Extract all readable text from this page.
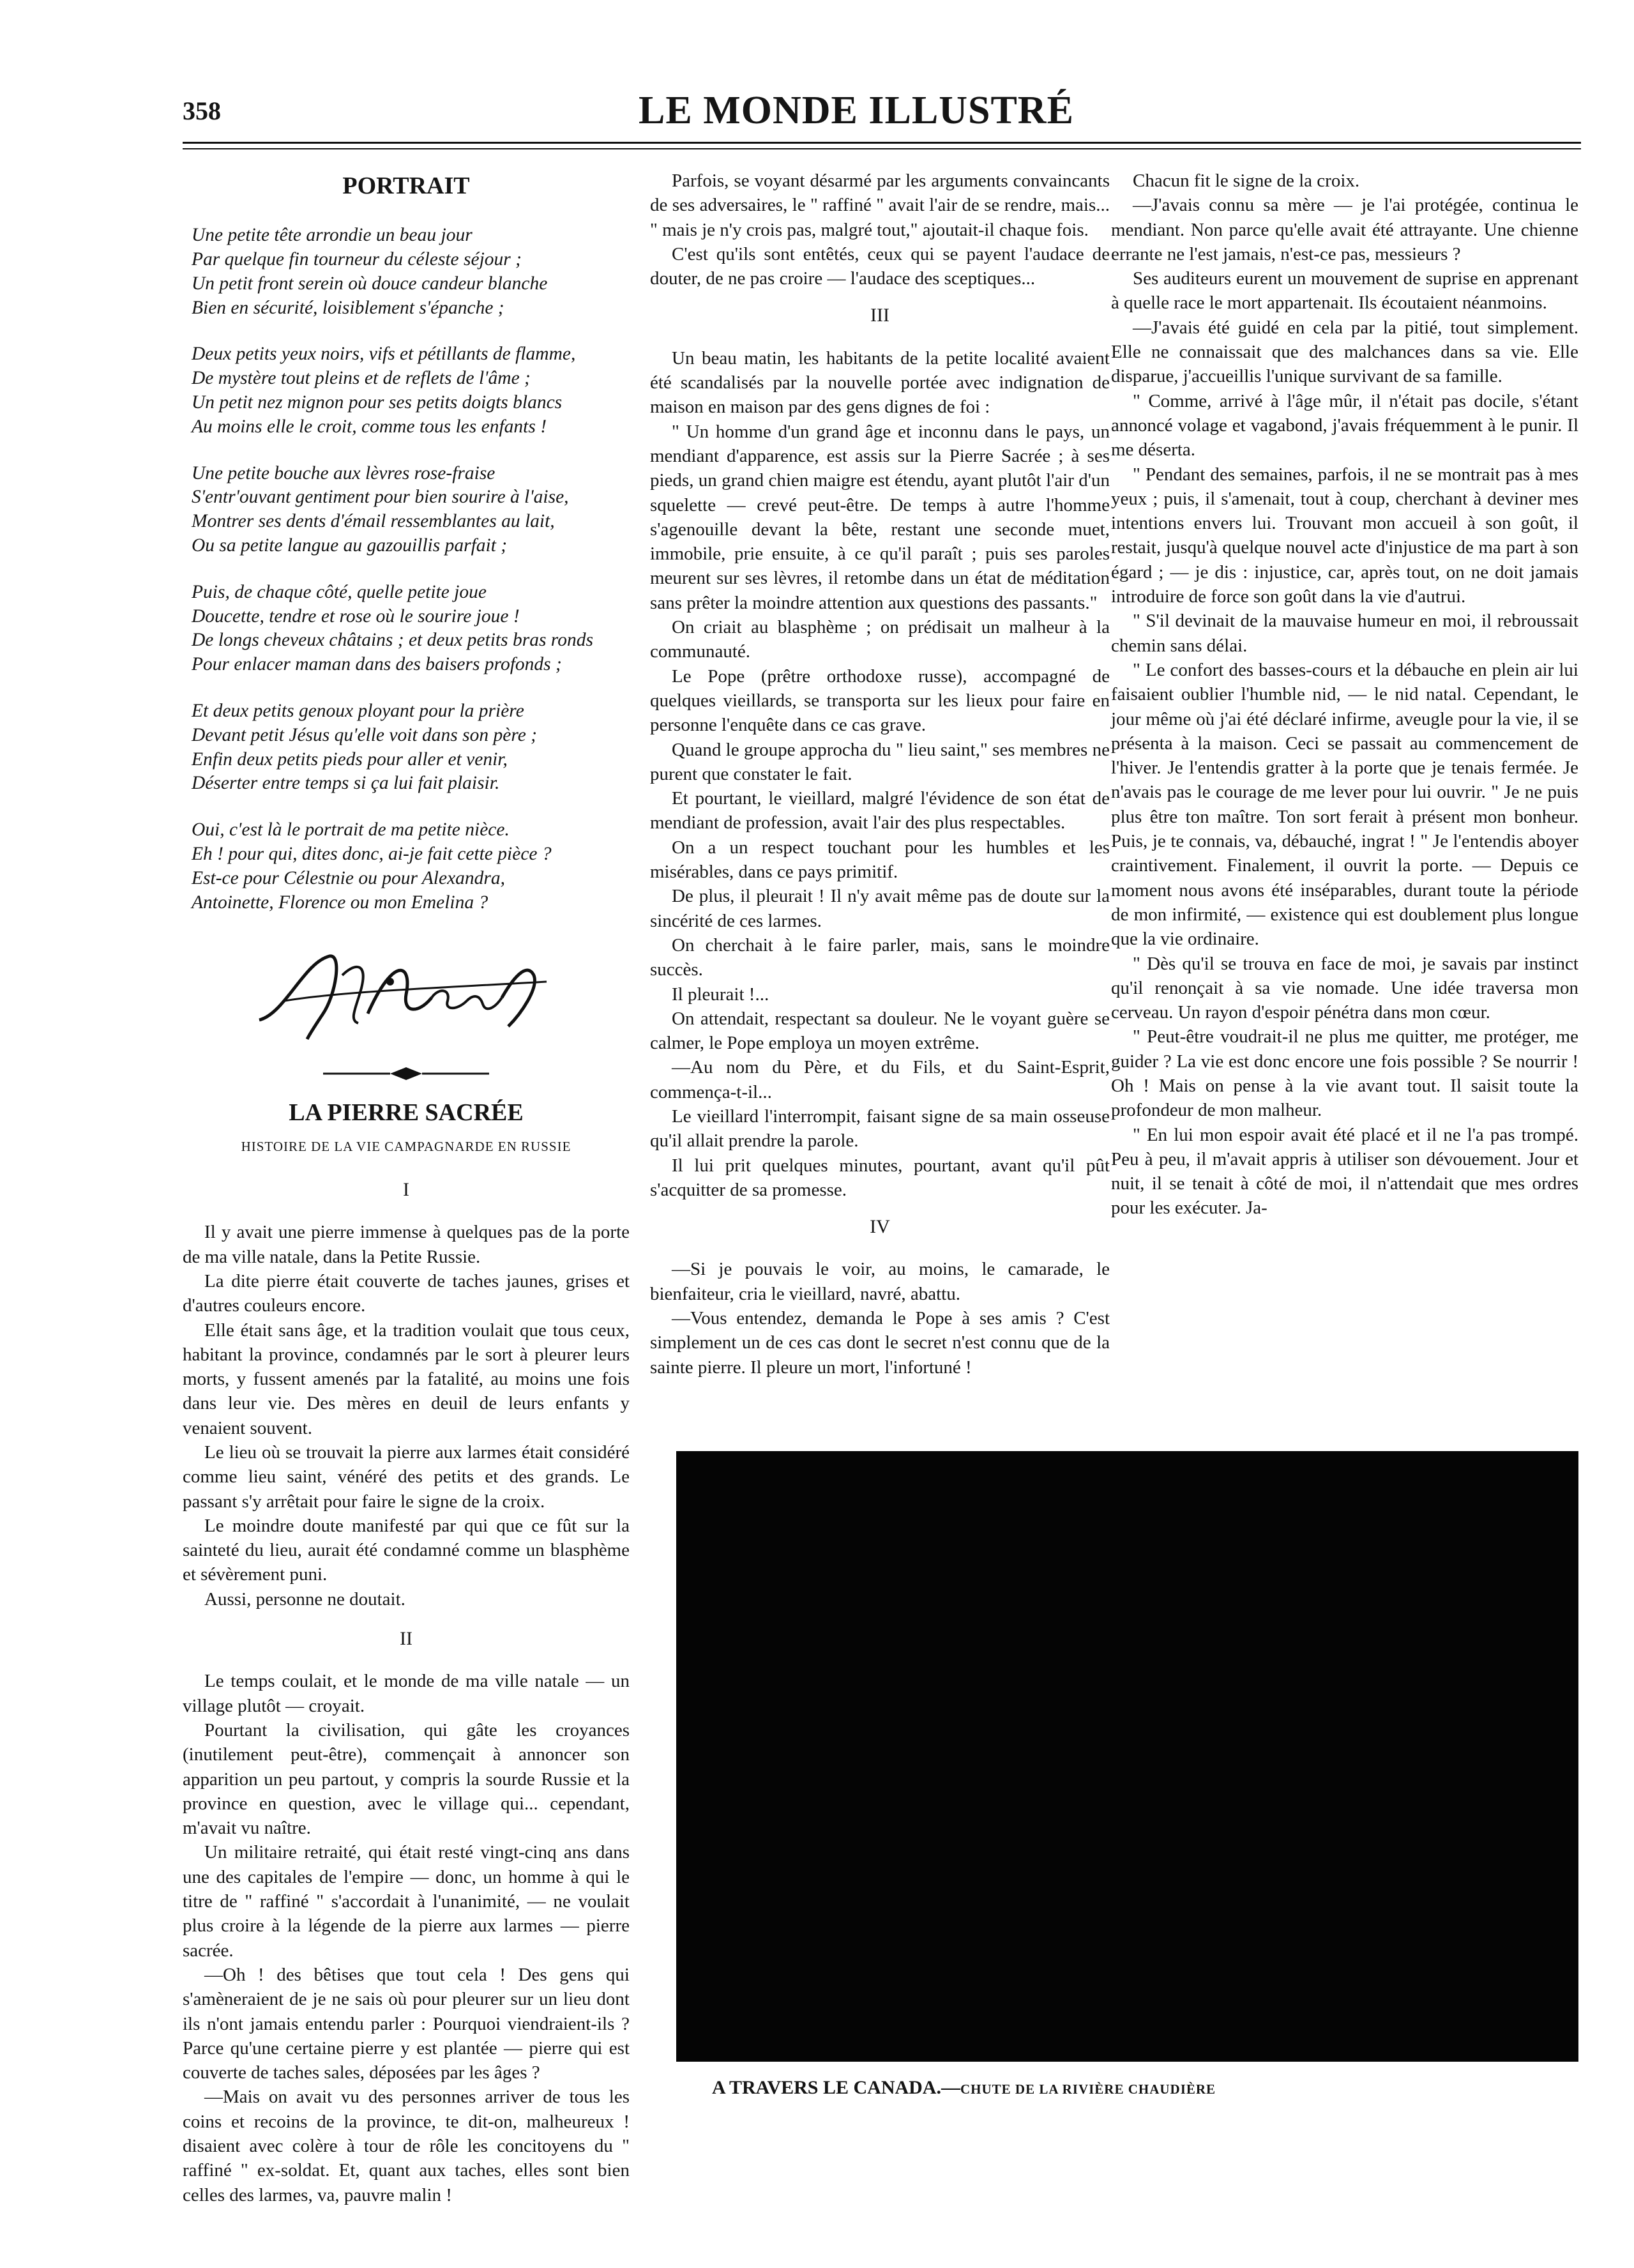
358	LE MONDE ILLUSTRÉ
PORTRAIT
Une petite tête arrondie un beau jour
Par quelque fin tourneur du céleste séjour ;
Un petit front serein où douce candeur blanche
Bien en sécurité, loisiblement s'épanche ;
Deux petits yeux noirs, vifs et pétillants de flamme,
De mystère tout pleins et de reflets de l'âme ;
Un petit nez mignon pour ses petits doigts blancs
Au moins elle le croit, comme tous les enfants !
Une petite bouche aux lèvres rose-fraise
S'entr'ouvant gentiment pour bien sourire à l'aise,
Montrer ses dents d'émail ressemblantes au lait,
Ou sa petite langue au gazouillis parfait ;
Puis, de chaque côté, quelle petite joue
Doucette, tendre et rose où le sourire joue !
De longs cheveux châtains ; et deux petits bras ronds
Pour enlacer maman dans des baisers profonds ;
Et deux petits genoux ployant pour la prière
Devant petit Jésus qu'elle voit dans son père ;
Enfin deux petits pieds pour aller et venir,
Déserter entre temps si ça lui fait plaisir.
Oui, c'est là le portrait de ma petite nièce.
Eh ! pour qui, dites donc, ai-je fait cette pièce ?
Est-ce pour Célestnie ou pour Alexandra,
Antoinette, Florence ou mon Emelina ?
LA PIERRE SACRÉE
HISTOIRE DE LA VIE CAMPAGNARDE EN RUSSIE
I

Il y avait une pierre immense à quelques pas de la porte de ma ville natale, dans la Petite Russie.

La dite pierre était couverte de taches jaunes, grises et d'autres couleurs encore.

Elle était sans âge, et la tradition voulait que tous ceux, habitant la province, condamnés par le sort à pleurer leurs morts, y fussent amenés par la fatalité, au moins une fois dans leur vie. Des mères en deuil de leurs enfants y venaient souvent.

Le lieu où se trouvait la pierre aux larmes était considéré comme lieu saint, vénéré des petits et des grands. Le passant s'y arrêtait pour faire le signe de la croix.

Le moindre doute manifesté par qui que ce fût sur la sainteté du lieu, aurait été condamné comme un blasphème et sévèrement puni.

Aussi, personne ne doutait.

II

Le temps coulait, et le monde de ma ville natale — un village plutôt — croyait.

Pourtant la civilisation, qui gâte les croyances (inutilement peut-être), commençait à annoncer son apparition un peu partout, y compris la sourde Russie et la province en question, avec le village qui... cependant, m'avait vu naître.

Un militaire retraité, qui était resté vingt-cinq ans dans une des capitales de l'empire — donc, un homme à qui le titre de " raffiné " s'accordait à l'unanimité, — ne voulait plus croire à la légende de la pierre aux larmes — pierre sacrée.

—Oh ! des bêtises que tout cela ! Des gens qui s'amèneraient de je ne sais où pour pleurer sur un lieu dont ils n'ont jamais entendu parler : Pourquoi viendraient-ils ? Parce qu'une certaine pierre y est plantée — pierre qui est couverte de taches sales, déposées par les âges ?

—Mais on avait vu des personnes arriver de tous les coins et recoins de la province, te dit-on, malheureux ! disaient avec colère à tour de rôle les concitoyens du " raffiné " ex-soldat. Et, quant aux taches, elles sont bien celles des larmes, va, pauvre malin !

Parfois, se voyant désarmé par les arguments convaincants de ses adversaires, le " raffiné " avait l'air de se rendre, mais... " mais je n'y crois pas, malgré tout," ajoutait-il chaque fois.

C'est qu'ils sont entêtés, ceux qui se payent l'audace de douter, de ne pas croire — l'audace des sceptiques...

III

Un beau matin, les habitants de la petite localité avaient été scandalisés par la nouvelle portée avec indignation de maison en maison par des gens dignes de foi :

" Un homme d'un grand âge et inconnu dans le pays, un mendiant d'apparence, est assis sur la Pierre Sacrée ; à ses pieds, un grand chien maigre est étendu, ayant plutôt l'air d'un squelette — crevé peut-être. De temps à autre l'homme s'agenouille devant la bête, restant une seconde muet, immobile, prie ensuite, à ce qu'il paraît ; puis ses paroles meurent sur ses lèvres, il retombe dans un état de méditation sans prêter la moindre attention aux questions des passants."

On criait au blasphème ; on prédisait un malheur à la communauté.

Le Pope (prêtre orthodoxe russe), accompagné de quelques vieillards, se transporta sur les lieux pour faire en personne l'enquête dans ce cas grave.

Quand le groupe approcha du " lieu saint," ses membres ne purent que constater le fait.

Et pourtant, le vieillard, malgré l'évidence de son état de mendiant de profession, avait l'air des plus respectables.

On a un respect touchant pour les humbles et les misérables, dans ce pays primitif.

De plus, il pleurait ! Il n'y avait même pas de doute sur la sincérité de ces larmes.

On cherchait à le faire parler, mais, sans le moindre succès.

Il pleurait !...

On attendait, respectant sa douleur. Ne le voyant guère se calmer, le Pope employa un moyen extrême.

—Au nom du Père, et du Fils, et du Saint-Esprit, commença-t-il...

Le vieillard l'interrompit, faisant signe de sa main osseuse qu'il allait prendre la parole.

Il lui prit quelques minutes, pourtant, avant qu'il pût s'acquitter de sa promesse.

IV

—Si je pouvais le voir, au moins, le camarade, le bienfaiteur, cria le vieillard, navré, abattu.

—Vous entendez, demanda le Pope à ses amis ? C'est simplement un de ces cas dont le secret n'est connu que de la sainte pierre. Il pleure un mort, l'infortuné !

Chacun fit le signe de la croix.

—J'avais connu sa mère — je l'ai protégée, continua le mendiant. Non parce qu'elle avait été attrayante. Une chienne errante ne l'est jamais, n'est-ce pas, messieurs ?

Ses auditeurs eurent un mouvement de suprise en apprenant à quelle race le mort appartenait. Ils écoutaient néanmoins.

—J'avais été guidé en cela par la pitié, tout simplement. Elle ne connaissait que des malchances dans sa vie. Elle disparue, j'accueillis l'unique survivant de sa famille.

" Comme, arrivé à l'âge mûr, il n'était pas docile, s'étant annoncé volage et vagabond, j'avais fréquemment à le punir. Il me déserta.

" Pendant des semaines, parfois, il ne se montrait pas à mes yeux ; puis, il s'amenait, tout à coup, cherchant à deviner mes intentions envers lui. Trouvant mon accueil à son goût, il restait, jusqu'à quelque nouvel acte d'injustice de ma part à son égard ; — je dis : injustice, car, après tout, on ne doit jamais introduire de force son goût dans la vie d'autrui.

" S'il devinait de la mauvaise humeur en moi, il rebroussait chemin sans délai.

" Le confort des basses-cours et la débauche en plein air lui faisaient oublier l'humble nid, — le nid natal. Cependant, le jour même où j'ai été déclaré infirme, aveugle pour la vie, il se présenta à la maison. Ceci se passait au commencement de l'hiver. Je l'entendis gratter à la porte que je tenais fermée. Je n'avais pas le courage de me lever pour lui ouvrir. " Je ne puis plus être ton maître. Ton sort ferait à présent mon bonheur. Puis, je te connais, va, débauché, ingrat ! " Je l'entendis aboyer craintivement. Finalement, il ouvrit la porte. — Depuis ce moment nous avons été inséparables, durant toute la période de mon infirmité, — existence qui est doublement plus longue que la vie ordinaire.

" Dès qu'il se trouva en face de moi, je savais par instinct qu'il renonçait à sa vie nomade. Une idée traversa mon cerveau. Un rayon d'espoir pénétra dans mon cœur.

" Peut-être voudrait-il ne plus me quitter, me protéger, me guider ? La vie est donc encore une fois possible ? Se nourrir ! Oh ! Mais on pense à la vie avant tout. Il saisit toute la profondeur de mon malheur.

" En lui mon espoir avait été placé et il ne l'a pas trompé. Peu à peu, il m'avait appris à utiliser son dévouement. Jour et nuit, il se tenait à côté de moi, il n'attendait que mes ordres pour les exécuter. Ja-

A TRAVERS LE CANADA.—CHUTE DE LA RIVIÈRE CHAUDIÈRE
